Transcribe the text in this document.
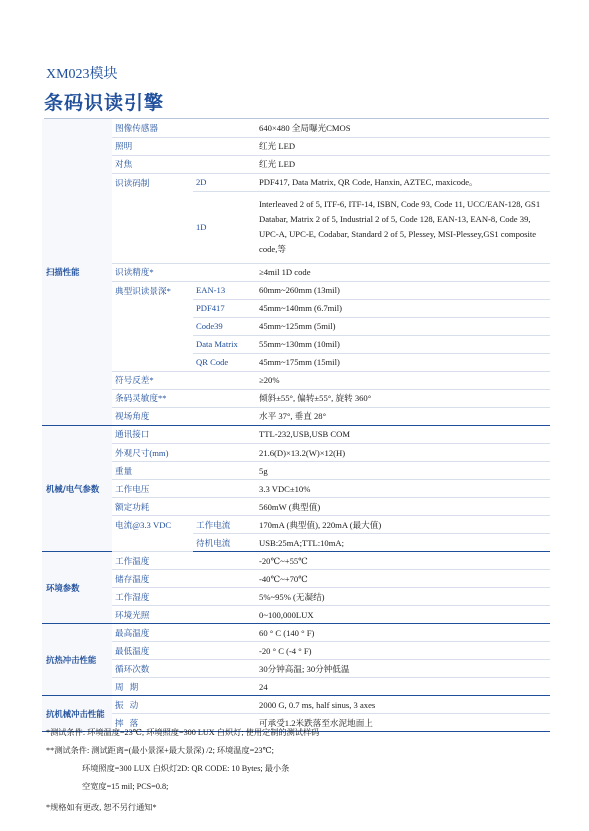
XM023模块
条码识读引擎
扫描性能	图像传感器		640×480 全局曝光CMOS
	照明		红光 LED
	对焦		红光 LED
	识读码制	2D	PDF417, Data Matrix, QR Code, Hanxin, AZTEC, maxicode。
		1D	Interleaved 2 of 5, ITF-6, ITF-14, ISBN, Code 93, Code 11, UCC/EAN-128, GS1 Databar, Matrix 2 of 5, Industrial 2 of 5, Code 128, EAN-13, EAN-8, Code 39, UPC-A, UPC-E, Codabar, Standard 2 of 5, Plessey, MSI-Plessey,GS1 composite code,等
	识读精度*		≥4mil 1D code
	典型识读景深*	EAN-13	60mm~260mm (13mil)
		PDF417	45mm~140mm (6.7mil)
		Code39	45mm~125mm (5mil)
		Data Matrix	55mm~130mm (10mil)
		QR Code	45mm~175mm (15mil)
	符号反差*		≥20%
	条码灵敏度**		倾斜±55°, 偏转±55°, 旋转 360°
	视场角度		水平 37°, 垂直 28°

机械/电气参数	通讯接口		TTL-232,USB,USB COM
	外观尺寸(mm)		21.6(D)×13.2(W)×12(H)
	重量		5g
	工作电压		3.3 VDC±10%
	额定功耗		560mW (典型值)
	电流@3.3 VDC	工作电流	170mA (典型值), 220mA (最大值)
		待机电流	USB:25mA;TTL:10mA;
环境参数	工作温度		-20℃~+55℃
	储存温度		-40℃~+70℃
	工作湿度		5%~95% (无凝结)
	环境光照		0~100,000LUX
抗热冲击性能	最高温度		60 ° C (140 ° F)
	最低温度		-20 ° C (-4 ° F)
	循环次数		30分钟高温; 30分钟低温
	周期		24
抗机械冲击性能	振动		2000 G, 0.7 ms, half sinus, 3 axes
	摔落		可承受1.2米跌落至水泥地面上
*测试条件: 环境温度=23℃; 环境照度=300 LUX 白炽灯; 使用定制的测试样码
**测试条件: 测试距离=(最小景深+最大景深) /2; 环境温度=23℃;
环境照度=300 LUX 白炽灯2D: QR CODE: 10 Bytes; 最小条
空宽度=15 mil; PCS=0.8;
*规格如有更改, 恕不另行通知*
